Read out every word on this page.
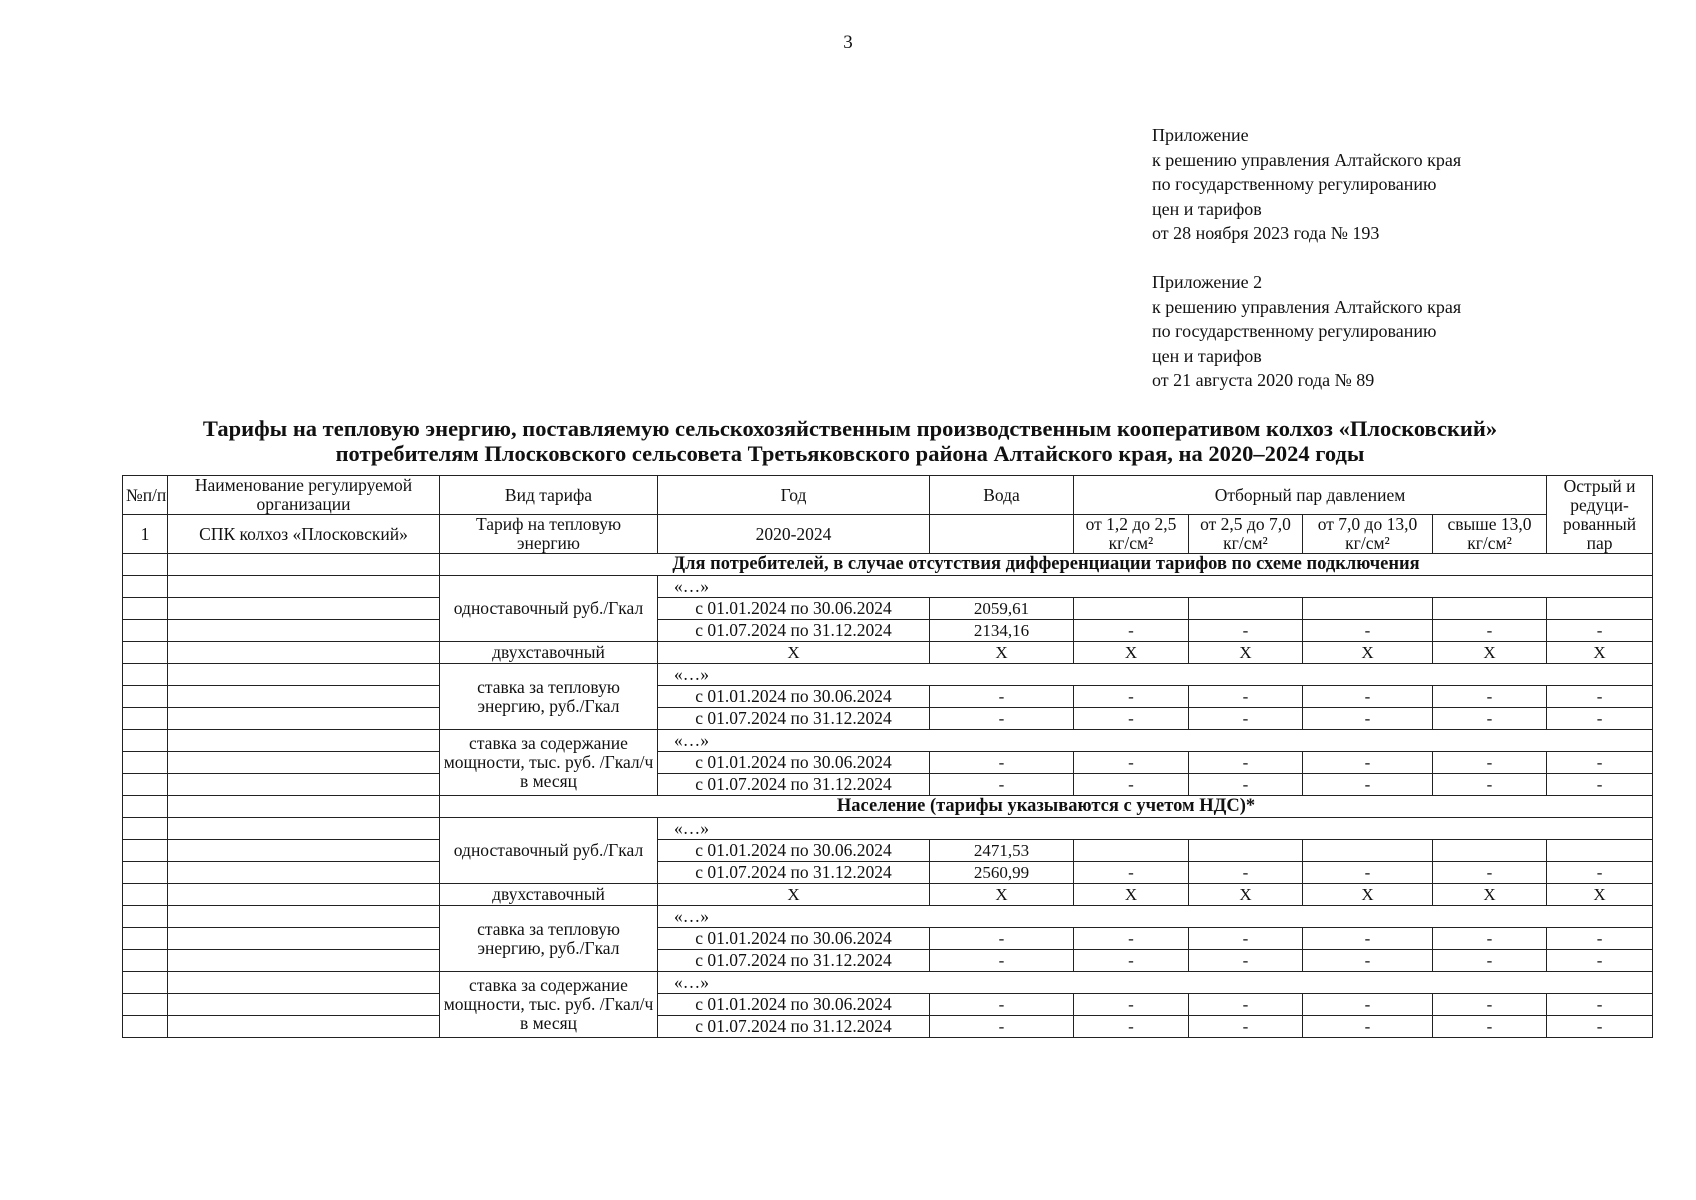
3
Приложение
к решению управления Алтайского края
по государственному регулированию
цен и тарифов
от 28 ноября 2023 года № 193
Приложение 2
к решению управления Алтайского края
по государственному регулированию
цен и тарифов
от 21 августа 2020 года № 89
Тарифы на тепловую энергию, поставляемую сельскохозяйственным производственным кооперативом колхоз «Плосковский»
потребителям Плосковского сельсовета Третьяковского района Алтайского края, на 2020–2024 годы
№п/п	Наименование регулируемой организации	Вид тарифа	Год	Вода	Отборный пар давлением				Острый и редуци-рованный пар
1	СПК колхоз «Плосковский»	Тариф на тепловую энергию	2020-2024		от 1,2 до 2,5 кг/см²	от 2,5 до 7,0 кг/см²	от 7,0 до 13,0 кг/см²	свыше 13,0 кг/см²	
		Для потребителей, в случае отсутствия дифференциации тарифов по схеме подключения							
		одноставочный руб./Гкал	«…»						
			с 01.01.2024 по 30.06.2024	2059,61					
			с 01.07.2024 по 31.12.2024	2134,16	-	-	-	-	-
		двухставочный	X	X	X	X	X	X	X
		ставка за тепловую энергию, руб./Гкал	«…»						
			с 01.01.2024 по 30.06.2024	-	-	-	-	-	-
			с 01.07.2024 по 31.12.2024	-	-	-	-	-	-
		ставка за содержание мощности, тыс. руб. /Гкал/ч в месяц	«…»						
			с 01.01.2024 по 30.06.2024	-	-	-	-	-	-
			с 01.07.2024 по 31.12.2024	-	-	-	-	-	-
		Население (тарифы указываются с учетом НДС)*							
		одноставочный руб./Гкал	«…»						
			с 01.01.2024 по 30.06.2024	2471,53					
			с 01.07.2024 по 31.12.2024	2560,99	-	-	-	-	-
		двухставочный	X	X	X	X	X	X	X
		ставка за тепловую энергию, руб./Гкал	«…»						
			с 01.01.2024 по 30.06.2024	-	-	-	-	-	-
			с 01.07.2024 по 31.12.2024	-	-	-	-	-	-
		ставка за содержание мощности, тыс. руб. /Гкал/ч в месяц	«…»						
			с 01.01.2024 по 30.06.2024	-	-	-	-	-	-
			с 01.07.2024 по 31.12.2024	-	-	-	-	-	-
